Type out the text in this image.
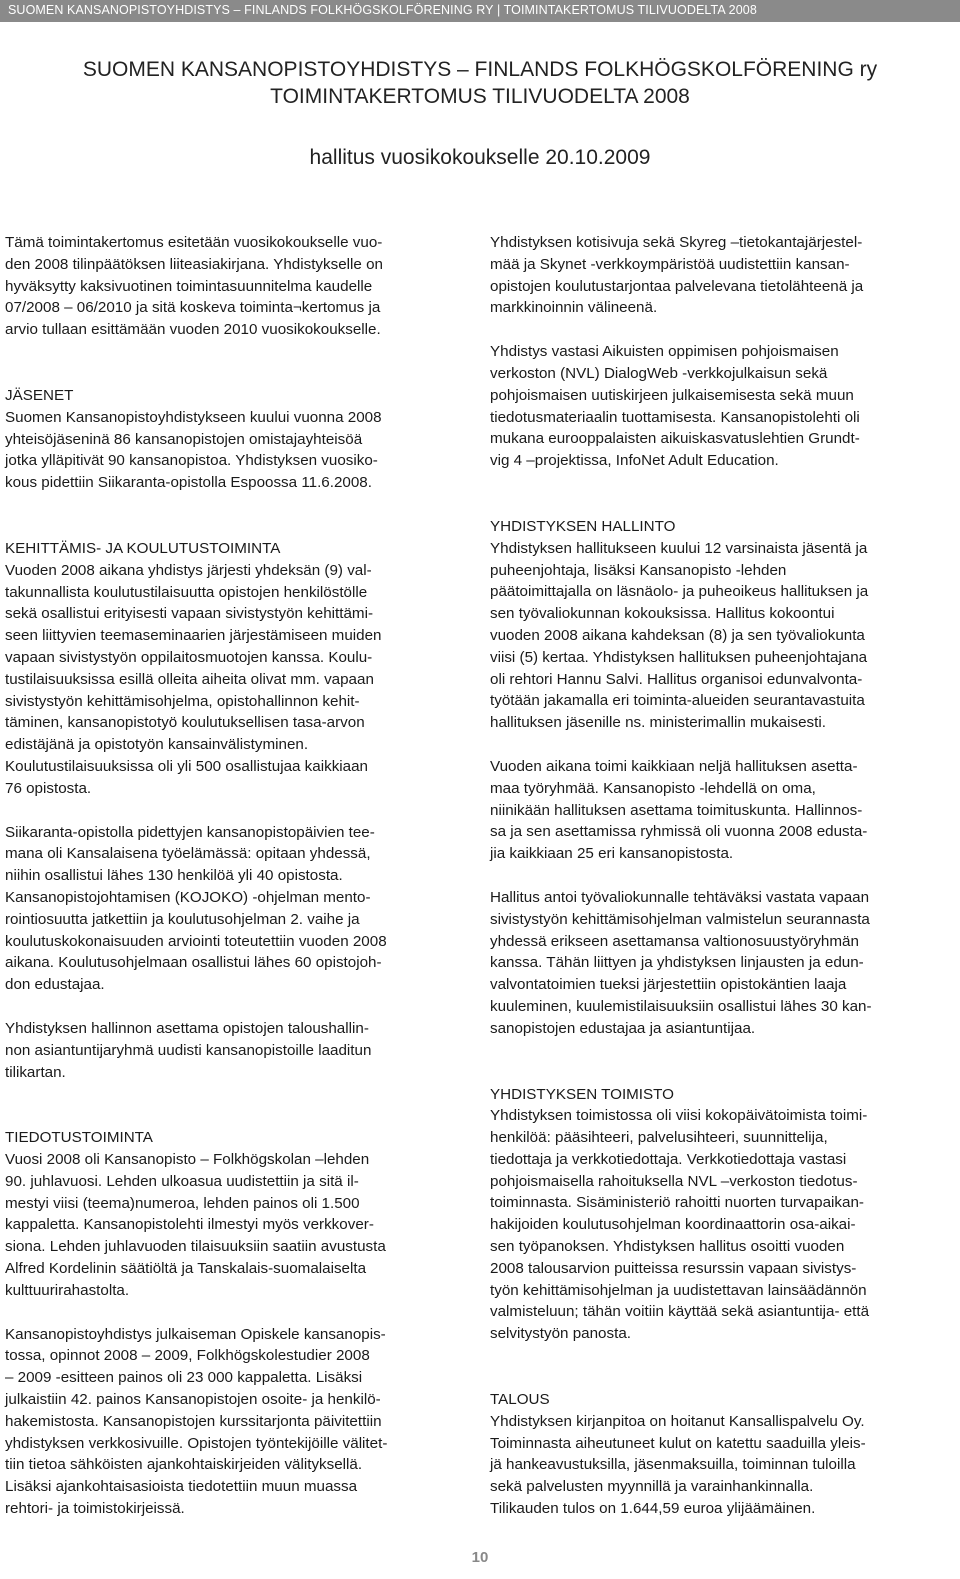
SUOMEN KANSANOPISTOYHDISTYS – FINLANDS FOLKHÖGSKOLFÖRENING RY | TOIMINTAKERTOMUS TILIVUODELTA 2008
SUOMEN KANSANOPISTOYHDISTYS – FINLANDS FOLKHÖGSKOLFÖRENING ry
TOIMINTAKERTOMUS TILIVUODELTA 2008
hallitus vuosikokoukselle 20.10.2009

Tämä toimintakertomus esitetään vuosikokoukselle vuo-
den 2008 tilinpäätöksen liiteasiakirjana. Yhdistykselle on
hyväksytty kaksivuotinen toimintasuunnitelma kaudelle
07/2008 – 06/2010 ja sitä koskeva toiminta¬kertomus ja
arvio tullaan esittämään vuoden 2010 vuosikokoukselle.

JÄSENET

Suomen Kansanopistoyhdistykseen kuului vuonna 2008
yhteisöjäseninä 86 kansanopistojen omistajayhteisöä
jotka ylläpitivät 90 kansanopistoa. Yhdistyksen vuosiko-
kous pidettiin Siikaranta-opistolla Espoossa 11.6.2008.

KEHITTÄMIS- JA KOULUTUSTOIMINTA

Vuoden 2008 aikana yhdistys järjesti yhdeksän (9) val-
takunnallista koulutustilaisuutta opistojen henkilöstölle
sekä osallistui erityisesti vapaan sivistystyön kehittämi-
seen liittyvien teemaseminaarien järjestämiseen muiden
vapaan sivistystyön oppilaitosmuotojen kanssa. Koulu-
tustilaisuuksissa esillä olleita aiheita olivat mm. vapaan
sivistystyön kehittämisohjelma, opistohallinnon kehit-
täminen, kansanopistotyö koulutuksellisen tasa-arvon
edistäjänä ja opistotyön kansainvälistyminen.
Koulutustilaisuuksissa oli yli 500 osallistujaa kaikkiaan
76 opistosta.

Siikaranta-opistolla pidettyjen kansanopistopäivien tee-
mana oli Kansalaisena työelämässä: opitaan yhdessä,
niihin osallistui lähes 130 henkilöä yli 40 opistosta.
Kansanopistojohtamisen (KOJOKO) -ohjelman mento-
rointiosuutta jatkettiin ja koulutusohjelman 2. vaihe ja
koulutuskokonaisuuden arviointi toteutettiin vuoden 2008
aikana. Koulutusohjelmaan osallistui lähes 60 opistojoh-
don edustajaa.

Yhdistyksen hallinnon asettama opistojen taloushallin-
non asiantuntijaryhmä uudisti kansanopistoille laaditun
tilikartan.

TIEDOTUSTOIMINTA

Vuosi 2008 oli Kansanopisto – Folkhögskolan –lehden
90. juhlavuosi. Lehden ulkoasua uudistettiin ja sitä il-
mestyi viisi (teema)numeroa, lehden painos oli 1.500
kappaletta. Kansanopistolehti ilmestyi myös verkkover-
siona. Lehden juhlavuoden tilaisuuksiin saatiin avustusta
Alfred Kordelinin säätiöltä ja Tanskalais-suomalaiselta
kulttuurirahastolta.

Kansanopistoyhdistys julkaiseman Opiskele kansanopis-
tossa, opinnot 2008 – 2009, Folkhögskolestudier 2008
– 2009 -esitteen painos oli 23 000 kappaletta. Lisäksi
julkaistiin 42. painos Kansanopistojen osoite- ja henkilö-
hakemistosta. Kansanopistojen kurssitarjonta päivitettiin
yhdistyksen verkkosivuille. Opistojen työntekijöille välitet-
tiin tietoa sähköisten ajankohtaiskirjeiden välityksellä.
Lisäksi ajankohtaisasioista tiedotettiin muun muassa
rehtori- ja toimistokirjeissä.

Yhdistyksen kotisivuja sekä Skyreg –tietokantajärjestel-
mää ja Skynet -verkkoympäristöä uudistettiin kansan-
opistojen koulutustarjontaa palvelevana tietolähteenä ja
markkinoinnin välineenä.

Yhdistys vastasi Aikuisten oppimisen pohjoismaisen
verkoston (NVL) DialogWeb -verkkojulkaisun sekä
pohjoismaisen uutiskirjeen julkaisemisesta sekä muun
tiedotusmateriaalin tuottamisesta. Kansanopistolehti oli
mukana eurooppalaisten aikuiskasvatuslehtien Grundt-
vig 4 –projektissa, InfoNet Adult Education.

YHDISTYKSEN HALLINTO

Yhdistyksen hallitukseen kuului 12 varsinaista jäsentä ja
puheenjohtaja, lisäksi Kansanopisto -lehden
päätoimittajalla on läsnäolo- ja puheoikeus hallituksen ja
sen työvaliokunnan kokouksissa. Hallitus kokoontui
vuoden 2008 aikana kahdeksan (8) ja sen työvaliokunta
viisi (5) kertaa. Yhdistyksen hallituksen puheenjohtajana
oli rehtori Hannu Salvi. Hallitus organisoi edunvalvonta-
työtään jakamalla eri toiminta-alueiden seurantavastuita
hallituksen jäsenille ns. ministerimallin mukaisesti.

Vuoden aikana toimi kaikkiaan neljä hallituksen asetta-
maa työryhmää. Kansanopisto -lehdellä on oma,
niinikään hallituksen asettama toimituskunta. Hallinnos-
sa ja sen asettamissa ryhmissä oli vuonna 2008 edusta-
jia kaikkiaan 25 eri kansanopistosta.

Hallitus antoi työvaliokunnalle tehtäväksi vastata vapaan
sivistystyön kehittämisohjelman valmistelun seurannasta
yhdessä erikseen asettamansa valtionosuustyöryhmän
kanssa. Tähän liittyen ja yhdistyksen linjausten ja edun-
valvontatoimien tueksi järjestettiin opistokäntien laaja
kuuleminen, kuulemistilaisuuksiin osallistui lähes 30 kan-
sanopistojen edustajaa ja asiantuntijaa.

YHDISTYKSEN TOIMISTO

Yhdistyksen toimistossa oli viisi kokopäivätoimista toimi-
henkilöä: pääsihteeri, palvelusihteeri, suunnittelija,
tiedottaja ja verkkotiedottaja. Verkkotiedottaja vastasi
pohjoismaisella rahoituksella NVL –verkoston tiedotus-
toiminnasta. Sisäministeriö rahoitti nuorten turvapaikan-
hakijoiden koulutusohjelman koordinaattorin osa-aikai-
sen työpanoksen. Yhdistyksen hallitus osoitti vuoden
2008 talousarvion puitteissa resurssin vapaan sivistys-
työn kehittämisohjelman ja uudistettavan lainsäädännön
valmisteluun; tähän voitiin käyttää sekä asiantuntija- että
selvitystyön panosta.

TALOUS

Yhdistyksen kirjanpitoa on hoitanut Kansallispalvelu Oy.
Toiminnasta aiheutuneet kulut on katettu saaduilla yleis-
jä hankeavustuksilla, jäsenmaksuilla, toiminnan tuloilla
sekä palvelusten myynnillä ja varainhankinnalla.
Tilikauden tulos on 1.644,59 euroa ylijäämäinen.

10
